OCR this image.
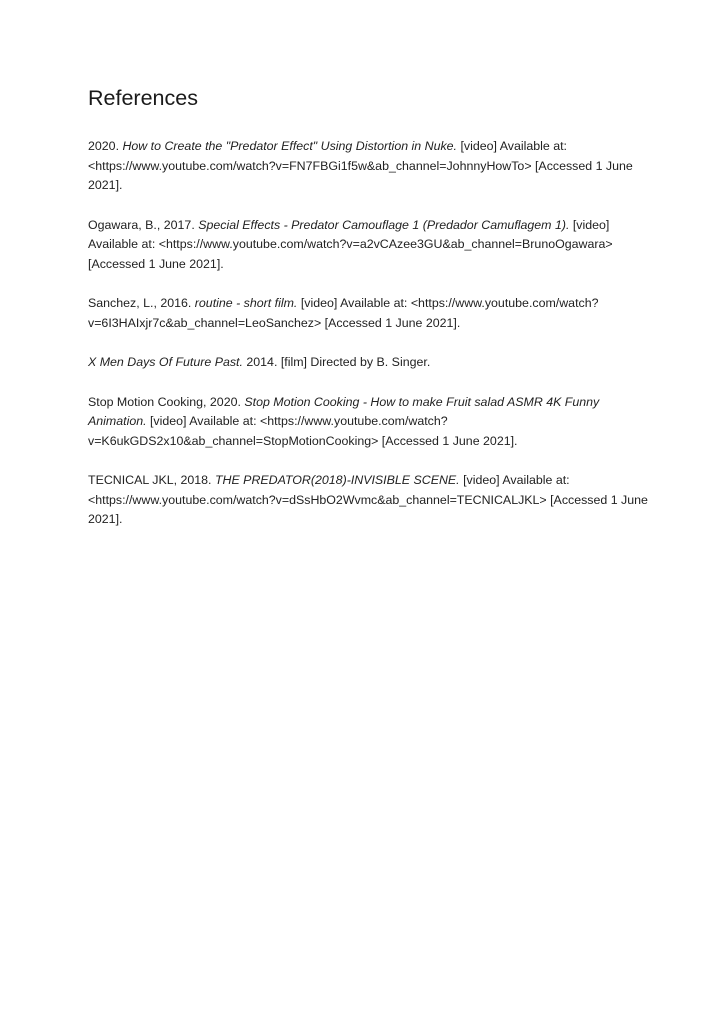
References
2020. How to Create the "Predator Effect" Using Distortion in Nuke. [video] Available at: <https://www.youtube.com/watch?v=FN7FBGi1f5w&ab_channel=JohnnyHowTo> [Accessed 1 June 2021].
Ogawara, B., 2017. Special Effects - Predator Camouflage 1 (Predador Camuflagem 1). [video] Available at: <https://www.youtube.com/watch?v=a2vCAzee3GU&ab_channel=BrunoOgawara> [Accessed 1 June 2021].
Sanchez, L., 2016. routine - short film. [video] Available at: <https://www.youtube.com/watch?v=6I3HAIxjr7c&ab_channel=LeoSanchez> [Accessed 1 June 2021].
X Men Days Of Future Past. 2014. [film] Directed by B. Singer.
Stop Motion Cooking, 2020. Stop Motion Cooking - How to make Fruit salad ASMR 4K Funny Animation. [video] Available at: <https://www.youtube.com/watch?v=K6ukGDS2x10&ab_channel=StopMotionCooking> [Accessed 1 June 2021].
TECNICAL JKL, 2018. THE PREDATOR(2018)-INVISIBLE SCENE. [video] Available at: <https://www.youtube.com/watch?v=dSsHbO2Wvmc&ab_channel=TECNICALJKL> [Accessed 1 June 2021].
